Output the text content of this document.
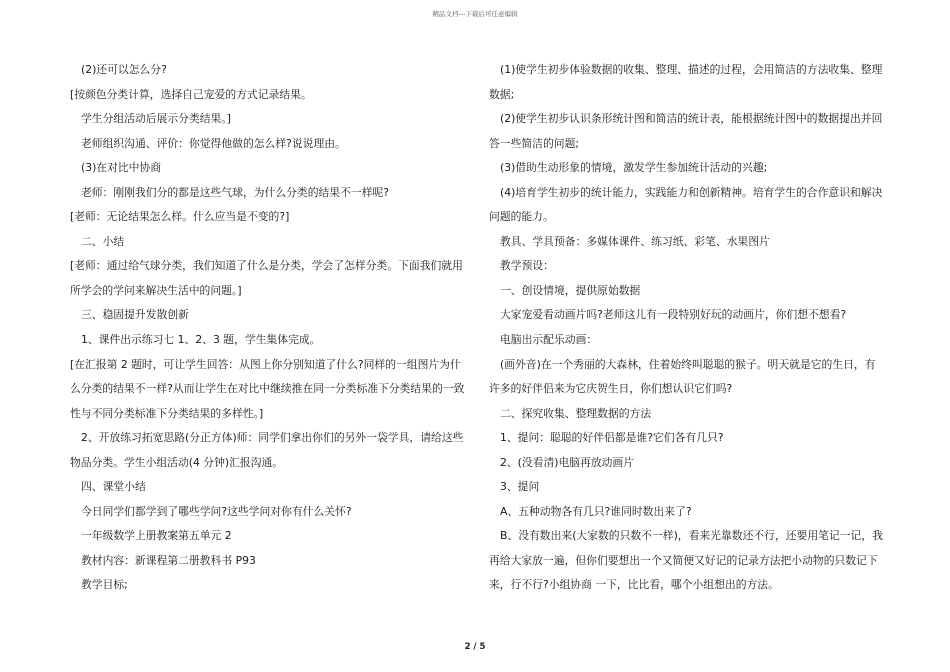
精品文档---下载后可任意编辑

(2)还可以怎么分?

[按颜色分类计算，选择自己宠爱的方式记录结果。

学生分组活动后展示分类结果。]

老师组织沟通、评价：你觉得他做的怎么样?说说理由。

(3)在对比中协商

老师：刚刚我们分的都是这些气球，为什么分类的结果不一样呢?

[老师：无论结果怎么样。什么应当是不变的?]

二、小结

[老师：通过给气球分类，我们知道了什么是分类，学会了怎样分类。下面我们就用所学会的学问来解决生活中的问题。]

三、稳固提升发散创新

1、课件出示练习七 1、2、3 题，学生集体完成。

[在汇报第 2 题时，可让学生回答：从图上你分别知道了什么?同样的一组图片为什么分类的结果不一样?从而让学生在对比中继续推在同一分类标准下分类结果的一致性与不同分类标准下分类结果的多样性。]

2、开放练习拓宽思路(分正方体)师：同学们拿出你们的另外一袋学具，请给这些物品分类。学生小组活动(4 分钟)汇报沟通。

四、课堂小结

今日同学们都学到了哪些学问?这些学问对你有什么关怀?

一年级数学上册教案第五单元 2

教材内容：新课程第二册教科书 P93

教学目标;

(1)使学生初步体验数据的收集、整理、描述的过程，会用简洁的方法收集、整理数据;

(2)使学生初步认识条形统计图和简洁的统计表，能根据统计图中的数据提出并回答一些简洁的问题;

(3)借助生动形象的情境，激发学生参加统计活动的兴趣;

(4)培育学生初步的统计能力，实践能力和创新精神。培育学生的合作意识和解决问题的能力。

教具、学具预备：多媒体课件、练习纸、彩笔、水果图片

教学预设：

一、创设情境，提供原始数据

大家宠爱看动画片吗?老师这儿有一段特别好玩的动画片，你们想不想看?

电脑出示配乐动画：

(画外音)在一个秀丽的大森林，住着始终叫聪聪的猴子。明天就是它的生日，有许多的好伴侣来为它庆贺生日，你们想认识它们吗?

二、探究收集、整理数据的方法

1、提问：聪聪的好伴侣都是谁?它们各有几只?

2、(没看清)电脑再放动画片

3、提问

A、五种动物各有几只?谁同时数出来了?

B、没有数出来(大家数的只数不一样)，看来光靠数还不行，还要用笔记一记，我再给大家放一遍，但你们要想出一个又简便又好记的记录方法把小动物的只数记下来，行不行?小组协商 一下，比比看，哪个小组想出的方法。

2 / 5
